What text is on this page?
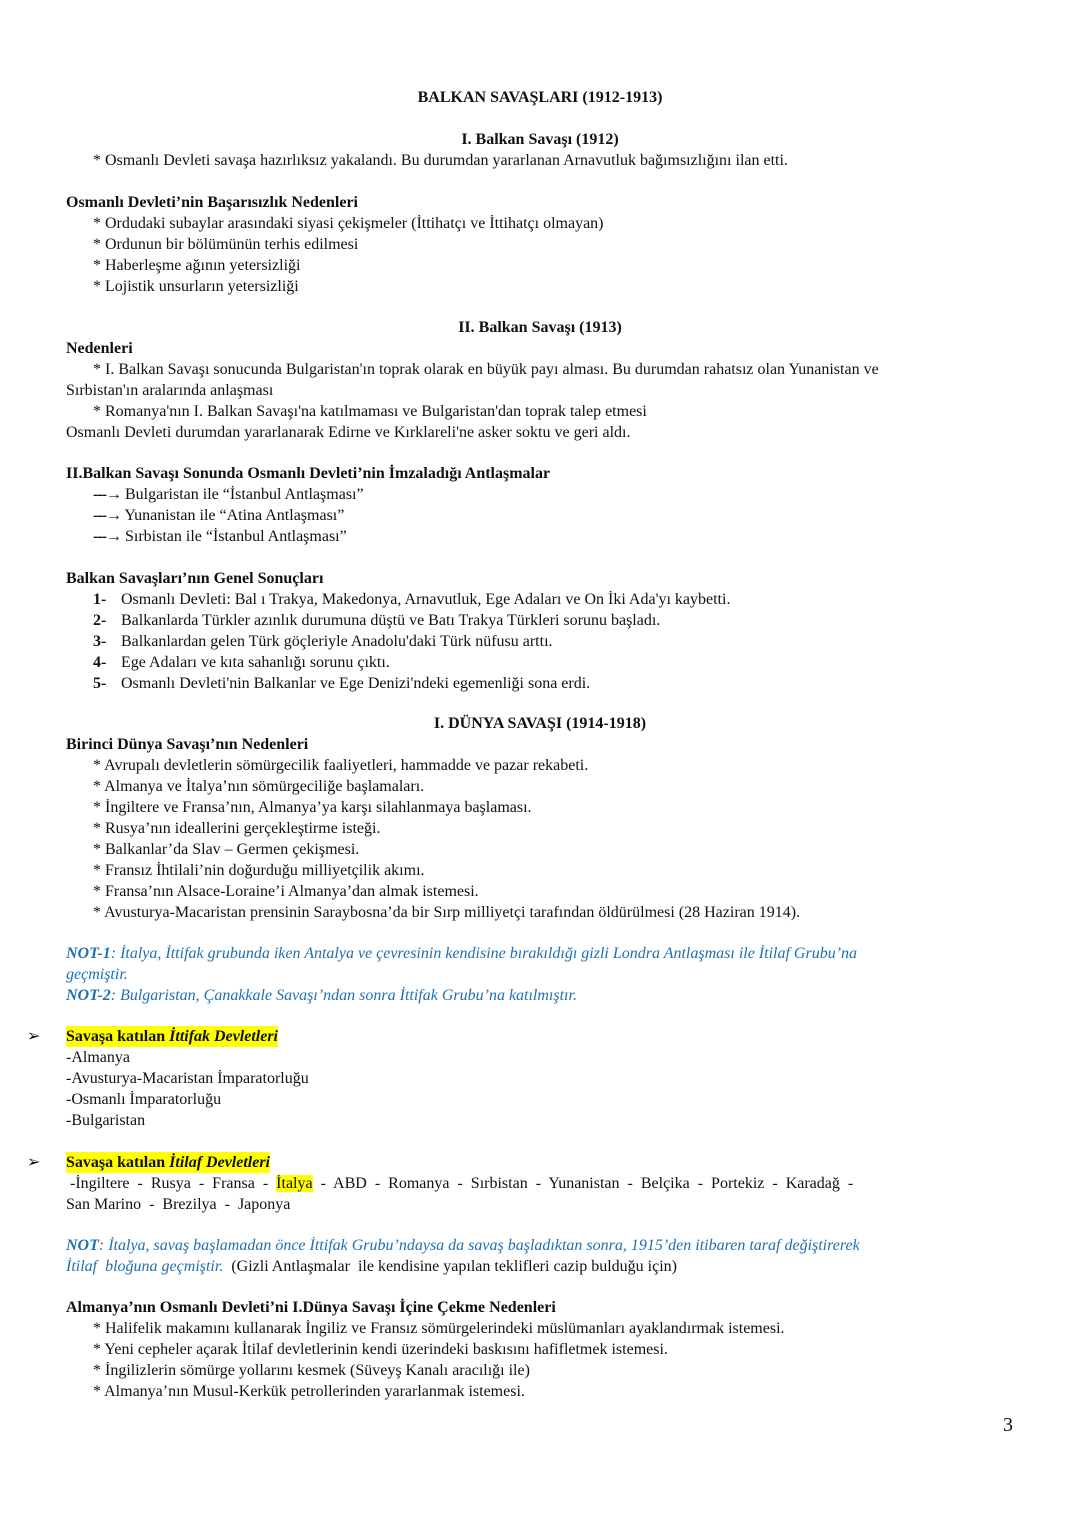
BALKAN SAVAŞLARI (1912-1913)
I. Balkan Savaşı (1912)
* Osmanlı Devleti savaşa hazırlıksız yakalandı. Bu durumdan yararlanan Arnavutluk bağımsızlığını ilan etti.
Osmanlı Devleti’nin Başarısızlık Nedenleri
* Ordudaki subaylar arasındaki siyasi çekişmeler (İttihatçı ve İttihatçı olmayan)
* Ordunun bir bölümünün terhis edilmesi
* Haberleşme ağının yetersizliği
* Lojistik unsurların yetersizliği
II. Balkan Savaşı (1913)
Nedenleri
* I. Balkan Savaşı sonucunda Bulgaristan'ın toprak olarak en büyük payı alması. Bu durumdan rahatsız olan Yunanistan ve
Sırbistan'ın aralarında anlaşması
* Romanya'nın I. Balkan Savaşı'na katılmaması ve Bulgaristan'dan toprak talep etmesi
Osmanlı Devleti durumdan yararlanarak Edirne ve Kırklareli'ne asker soktu ve geri aldı.
II.Balkan Savaşı Sonunda Osmanlı Devleti’nin İmzaladığı Antlaşmalar
---→ Bulgaristan ile “İstanbul Antlaşması”
---→ Yunanistan ile “Atina Antlaşması”
---→ Sırbistan ile “İstanbul Antlaşması”
Balkan Savaşları’nın Genel Sonuçları
1- Osmanlı Devleti: Bal ı Trakya, Makedonya, Arnavutluk, Ege Adaları ve On İki Ada'yı kaybetti.
2- Balkanlarda Türkler azınlık durumuna düştü ve Batı Trakya Türkleri sorunu başladı.
3- Balkanlardan gelen Türk göçleriyle Anadolu'daki Türk nüfusu arttı.
4- Ege Adaları ve kıta sahanlığı sorunu çıktı.
5- Osmanlı Devleti'nin Balkanlar ve Ege Denizi'ndeki egemenliği sona erdi.
I. DÜNYA SAVAŞI (1914-1918)
Birinci Dünya Savaşı’nın Nedenleri
* Avrupalı devletlerin sömürgecilik faaliyetleri, hammadde ve pazar rekabeti.
* Almanya ve İtalya’nın sömürgeciliğe başlamaları.
* İngiltere ve Fransa’nın, Almanya’ya karşı silahlanmaya başlaması.
* Rusya’nın ideallerini gerçekleştirme isteği.
* Balkanlar’da Slav – Germen çekişmesi.
* Fransız İhtilali’nin doğurduğu milliyetçilik akımı.
* Fransa’nın Alsace-Loraine’i Almanya’dan almak istemesi.
* Avusturya-Macaristan prensinin Saraybosna’da bir Sırp milliyetçi tarafından öldürülmesi (28 Haziran 1914).
NOT-1: İtalya, İttifak grubunda iken Antalya ve çevresinin kendisine bırakıldığı gizli Londra Antlaşması ile İtilaf Grubu’na
geçmiştir.
NOT-2: Bulgaristan, Çanakkale Savaşı’ndan sonra İttifak Grubu’na katılmıştır.
➢ Savaşa katılan İttifak Devletleri
-Almanya
-Avusturya-Macaristan İmparatorluğu
-Osmanlı İmparatorluğu
-Bulgaristan
➢ Savaşa katılan İtilaf Devletleri
-İngiltere  -  Rusya  -  Fransa  -  İtalya  -  ABD  -  Romanya  -  Sırbistan  -  Yunanistan  -  Belçika  -  Portekiz  -  Karadağ  -
San Marino  -  Brezilya  -  Japonya
NOT: İtalya, savaş başlamadan önce İttifak Grubu’ndaysa da savaş başladıktan sonra, 1915’den itibaren taraf değiştirerek
İtilaf  bloğuna geçmiştir.  (Gizli Antlaşmalar  ile kendisine yapılan teklifleri cazip bulduğu için)
Almanya’nın Osmanlı Devleti’ni I.Dünya Savaşı İçine Çekme Nedenleri
* Halifelik makamını kullanarak İngiliz ve Fransız sömürgelerindeki müslümanları ayaklandırmak istemesi.
* Yeni cepheler açarak İtilaf devletlerinin kendi üzerindeki baskısını hafifletmek istemesi.
* İngilizlerin sömürge yollarını kesmek (Süveyş Kanalı aracılığı ile)
* Almanya’nın Musul-Kerkük petrollerinden yararlanmak istemesi.
3
